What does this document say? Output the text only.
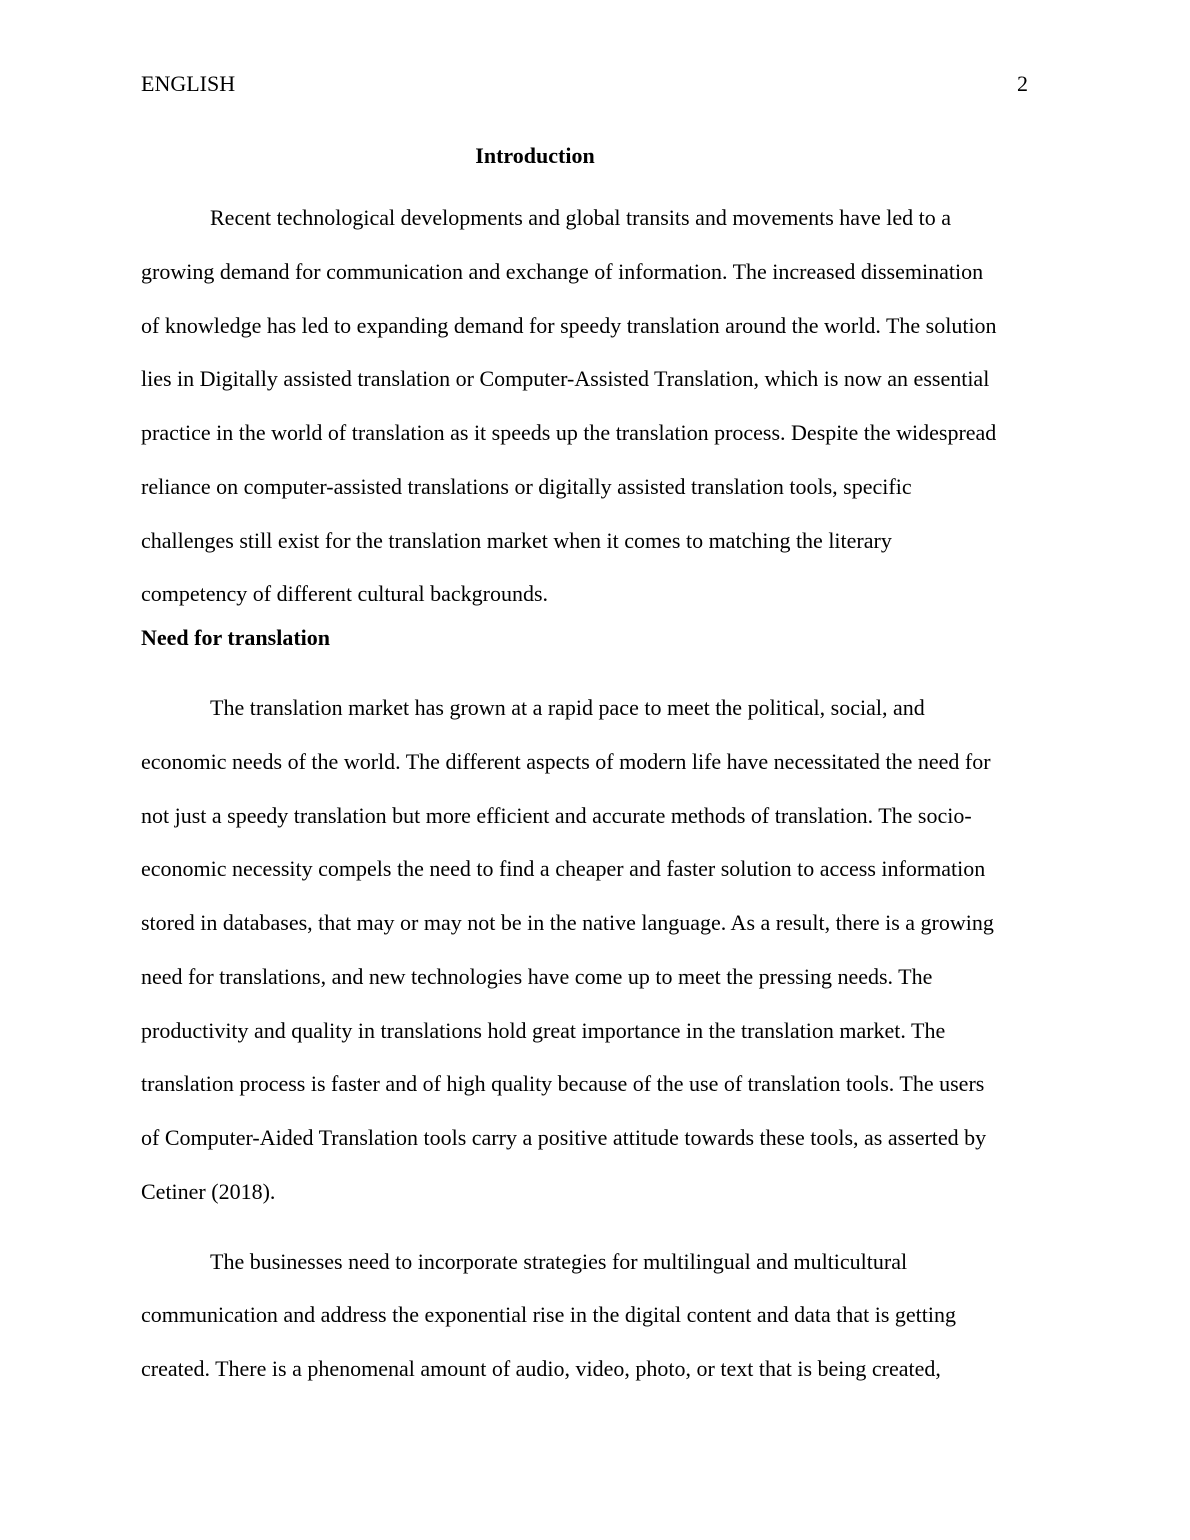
ENGLISH	2
Introduction

Recent technological developments and global transits and movements have led to a
growing demand for communication and exchange of information. The increased dissemination
of knowledge has led to expanding demand for speedy translation around the world. The solution
lies in Digitally assisted translation or Computer-Assisted Translation, which is now an essential
practice in the world of translation as it speeds up the translation process. Despite the widespread
reliance on computer-assisted translations or digitally assisted translation tools, specific
challenges still exist for the translation market when it comes to matching the literary
competency of different cultural backgrounds.

Need for translation

The translation market has grown at a rapid pace to meet the political, social, and
economic needs of the world. The different aspects of modern life have necessitated the need for
not just a speedy translation but more efficient and accurate methods of translation. The socio-
economic necessity compels the need to find a cheaper and faster solution to access information
stored in databases, that may or may not be in the native language. As a result, there is a growing
need for translations, and new technologies have come up to meet the pressing needs. The
productivity and quality in translations hold great importance in the translation market. The
translation process is faster and of high quality because of the use of translation tools. The users
of Computer-Aided Translation tools carry a positive attitude towards these tools, as asserted by
Cetiner (2018).

The businesses need to incorporate strategies for multilingual and multicultural
communication and address the exponential rise in the digital content and data that is getting
created. There is a phenomenal amount of audio, video, photo, or text that is being created,
